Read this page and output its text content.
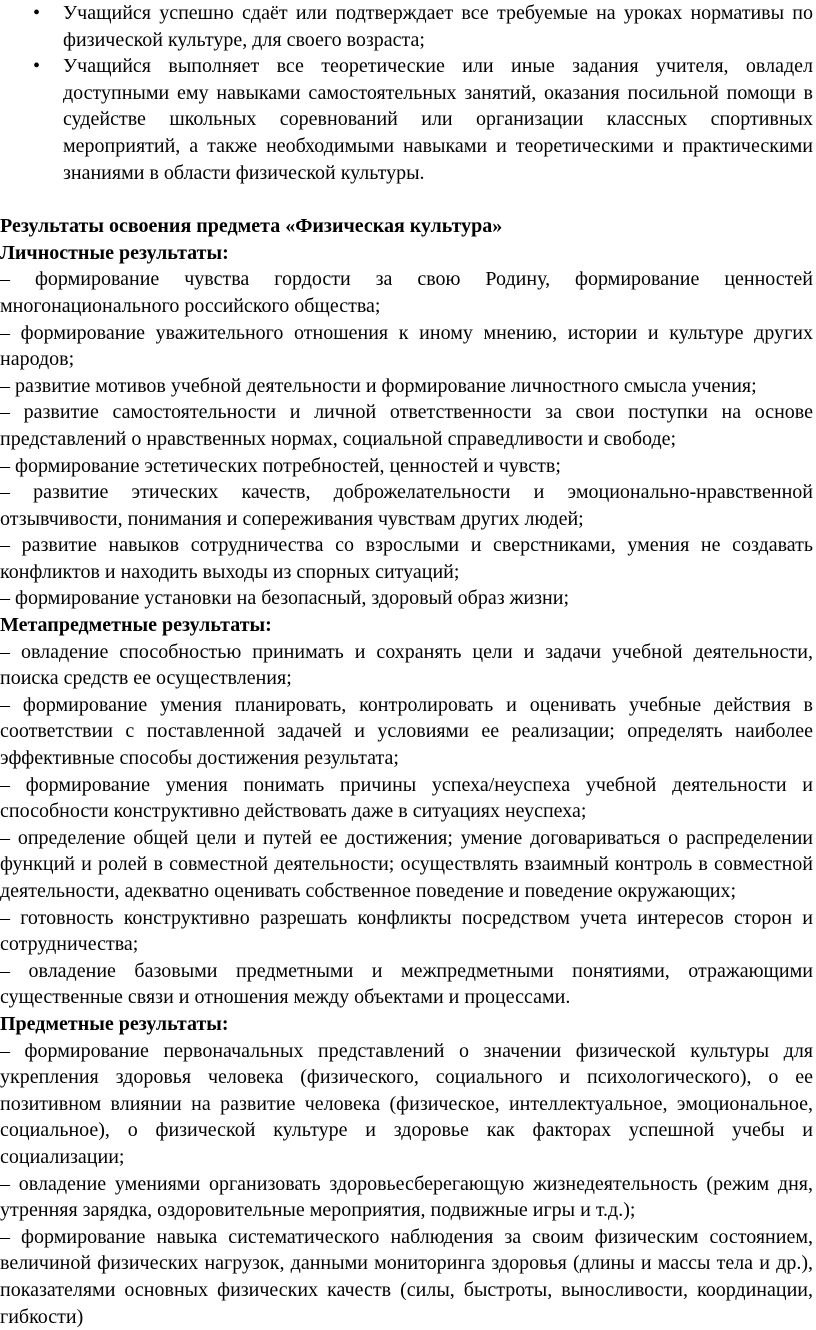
• Учащийся успешно сдаёт или подтверждает все требуемые на уроках нормативы по физической культуре, для своего возраста;
• Учащийся выполняет все теоретические или иные задания учителя, овладел доступными ему навыками самостоятельных занятий, оказания посильной помощи в судействе школьных соревнований или организации классных спортивных мероприятий, а также необходимыми навыками и теоретическими и практическими знаниями в области физической культуры.

Результаты освоения предмета «Физическая культура»

Личностные результаты:

– формирование чувства гордости за свою Родину, формирование ценностей многонационального российского общества;

– формирование уважительного отношения к иному мнению, истории и культуре других народов;

– развитие мотивов учебной деятельности и формирование личностного смысла учения;

– развитие самостоятельности и личной ответственности за свои поступки на основе представлений о нравственных нормах, социальной справедливости и свободе;

– формирование эстетических потребностей, ценностей и чувств;

– развитие этических качеств, доброжелательности и эмоционально-нравственной отзывчивости, понимания и сопереживания чувствам других людей;

– развитие навыков сотрудничества со взрослыми и сверстниками, умения не создавать конфликтов и находить выходы из спорных ситуаций;

– формирование установки на безопасный, здоровый образ жизни;

Метапредметные результаты:

– овладение способностью принимать и сохранять цели и задачи учебной деятельности, поиска средств ее осуществления;

– формирование умения планировать, контролировать и оценивать учебные действия в соответствии с поставленной задачей и условиями ее реализации; определять наиболее эффективные способы достижения результата;

– формирование умения понимать причины успеха/неуспеха учебной деятельности и способности конструктивно действовать даже в ситуациях неуспеха;

– определение общей цели и путей ее достижения; умение договариваться о распределении функций и ролей в совместной деятельности; осуществлять взаимный контроль в совместной деятельности, адекватно оценивать собственное поведение и поведение окружающих;

– готовность конструктивно разрешать конфликты посредством учета интересов сторон и сотрудничества;

– овладение базовыми предметными и межпредметными понятиями, отражающими существенные связи и отношения между объектами и процессами.

Предметные результаты:

– формирование первоначальных представлений о значении физической культуры для укрепления здоровья человека (физического, социального и психологического), о ее позитивном влиянии на развитие человека (физическое, интеллектуальное, эмоциональное, социальное), о физической культуре и здоровье как факторах успешной учебы и социализации;

– овладение умениями организовать здоровьесберегающую жизнедеятельность (режим дня, утренняя зарядка, оздоровительные мероприятия, подвижные игры и т.д.);

– формирование навыка систематического наблюдения за своим физическим состоянием, величиной физических нагрузок, данными мониторинга здоровья (длины и массы тела и др.), показателями основных физических качеств (силы, быстроты, выносливости, координации, гибкости)
